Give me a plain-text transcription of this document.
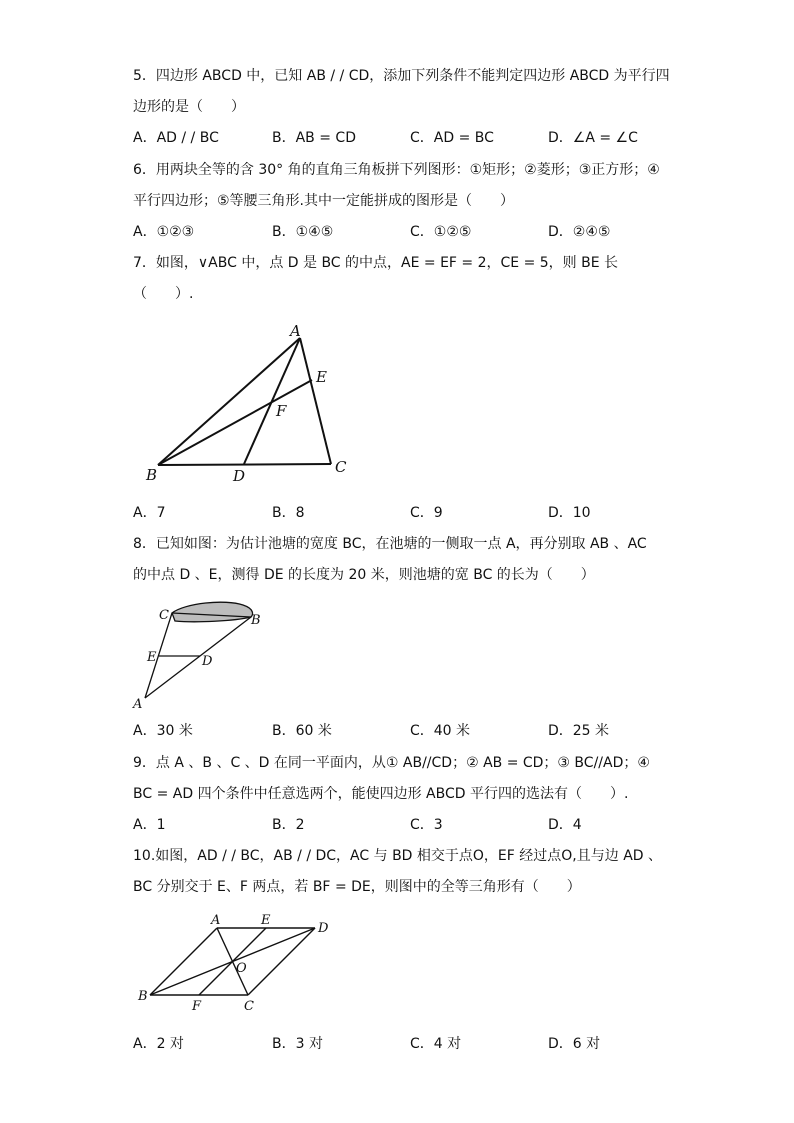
5．四边形 ABCD 中，已知 AB / / CD，添加下列条件不能判定四边形 ABCD 为平行四
边形的是（　　）
A．AD / / BC	B．AB = CD	C．AD = BC	D．∠A = ∠C
6．用两块全等的含 30° 角的直角三角板拼下列图形：①矩形；②菱形；③正方形；④
平行四边形；⑤等腰三角形.其中一定能拼成的图形是（　　）
A．①②③	B．①④⑤	C．①②⑤	D．②④⑤
7．如图，∨ABC 中，点 D 是 BC 的中点，AE = EF = 2，CE = 5，则 BE 长
（　　）.
A
B	C
D
E
F
A．7	B．8	C．9	D．10
8．已知如图：为估计池塘的宽度 BC，在池塘的一侧取一点 A，再分别取 AB 、AC
的中点 D 、E，测得 DE 的长度为 20 米，则池塘的宽 BC 的长为（　　）
C	B
E	D
A
A．30 米	B．60 米	C．40 米	D．25 米
9．点 A 、B 、C 、D 在同一平面内，从① AB//CD；② AB = CD；③ BC//AD；④
BC = AD 四个条件中任意选两个，能使四边形 ABCD 平行四的选法有（　　）.
A．1	B．2	C．3	D．4
10.如图，AD / / BC，AB / / DC，AC 与 BD 相交于点O，EF 经过点O,且与边 AD 、
BC 分别交于 E、F 两点，若 BF = DE，则图中的全等三角形有（　　）
A	E
D
O
B
F	C
A．2 对	B．3 对	C．4 对	D．6 对
